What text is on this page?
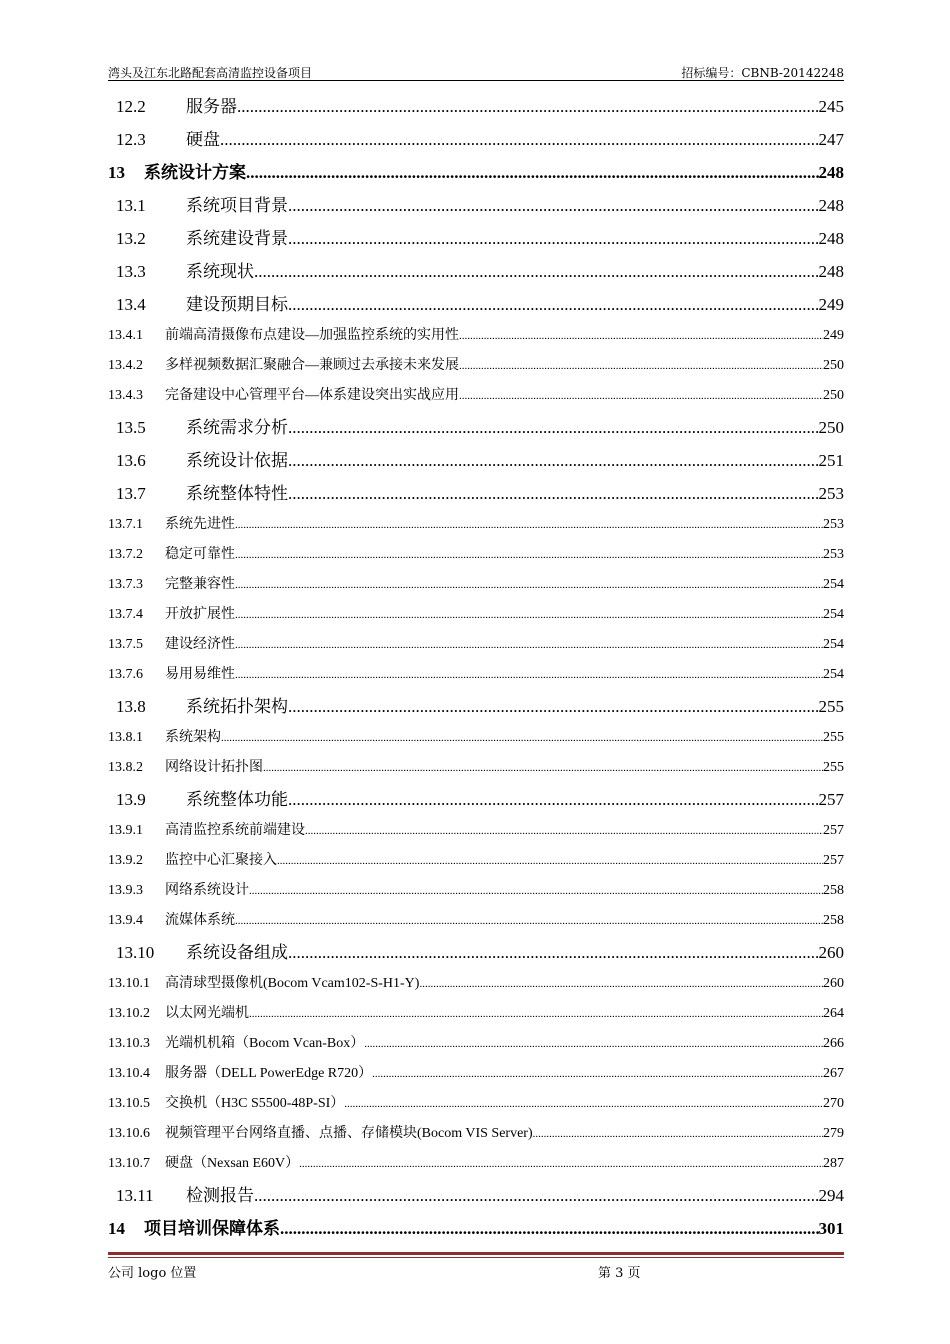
湾头及江东北路配套高清监控设备项目	招标编号：CBNB-20142248
12.2	服务器 .....	245
12.3	硬盘 .....	247
13	系统设计方案 .....	248
13.1	系统项目背景 .....	248
13.2	系统建设背景 .....	248
13.3	系统现状 .....	248
13.4	建设预期目标 .....	249
13.4.1	前端高清摄像布点建设—加强监控系统的实用性 .....	249
13.4.2	多样视频数据汇聚融合—兼顾过去承接未来发展 .....	250
13.4.3	完备建设中心管理平台—体系建设突出实战应用 .....	250
13.5	系统需求分析 .....	250
13.6	系统设计依据 .....	251
13.7	系统整体特性 .....	253
13.7.1	系统先进性 .....	253
13.7.2	稳定可靠性 .....	253
13.7.3	完整兼容性 .....	254
13.7.4	开放扩展性 .....	254
13.7.5	建设经济性 .....	254
13.7.6	易用易维性 .....	254
13.8	系统拓扑架构 .....	255
13.8.1	系统架构 .....	255
13.8.2	网络设计拓扑图 .....	255
13.9	系统整体功能 .....	257
13.9.1	高清监控系统前端建设 .....	257
13.9.2	监控中心汇聚接入 .....	257
13.9.3	网络系统设计 .....	258
13.9.4	流媒体系统 .....	258
13.10	系统设备组成 .....	260
13.10.1	高清球型摄像机(Bocom Vcam102-S-H1-Y) .....	260
13.10.2	以太网光端机 .....	264
13.10.3	光端机机箱（Bocom Vcan-Box） .....	266
13.10.4	服务器（DELL PowerEdge R720） .....	267
13.10.5	交换机（H3C S5500-48P-SI） .....	270
13.10.6	视频管理平台网络直播、点播、存储模块(Bocom VIS Server) .....	279
13.10.7	硬盘（Nexsan E60V） .....	287
13.11	检测报告 .....	294
14	项目培训保障体系 .....	301
公司 logo 位置	第 3 页
